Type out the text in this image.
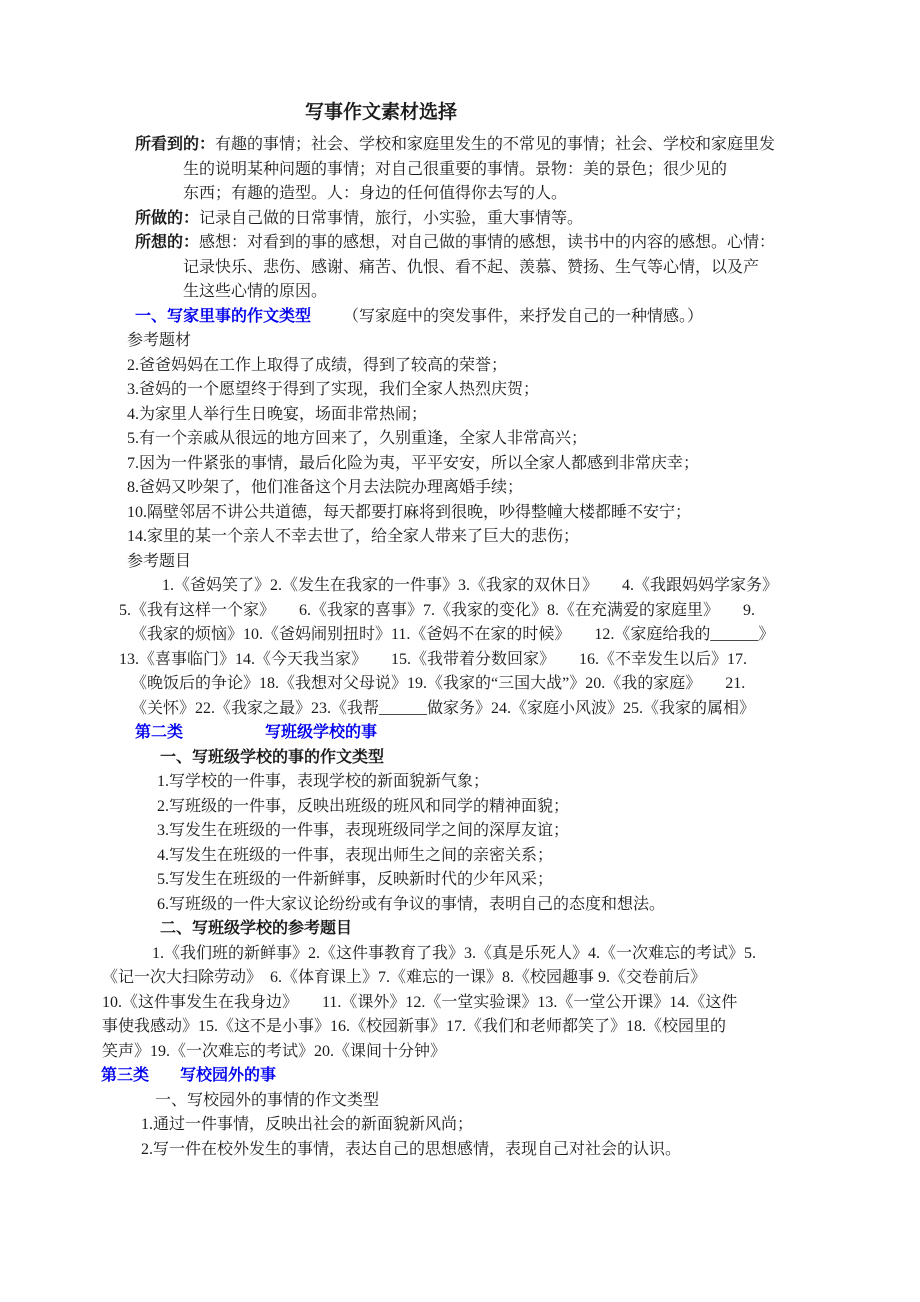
写事作文素材选择
所看到的：有趣的事情；社会、学校和家庭里发生的不常见的事情；社会、学校和家庭里发
生的说明某种问题的事情；对自己很重要的事情。景物：美的景色；很少见的
东西；有趣的造型。人：身边的任何值得你去写的人。
所做的：记录自己做的日常事情，旅行，小实验，重大事情等。
所想的：感想：对看到的事的感想，对自己做的事情的感想，读书中的内容的感想。心情：
记录快乐、悲伤、感谢、痛苦、仇恨、看不起、羡慕、赞扬、生气等心情，以及产
生这些心情的原因。
一、写家里事的作文类型 （写家庭中的突发事件，来抒发自己的一种情感。）
参考题材
2.爸爸妈妈在工作上取得了成绩，得到了较高的荣誉；
3.爸妈的一个愿望终于得到了实现，我们全家人热烈庆贺；
4.为家里人举行生日晚宴，场面非常热闹；
5.有一个亲戚从很远的地方回来了，久别重逢，全家人非常高兴；
7.因为一件紧张的事情，最后化险为夷，平平安安，所以全家人都感到非常庆幸；
8.爸妈又吵架了，他们准备这个月去法院办理离婚手续；
10.隔壁邻居不讲公共道德，每天都要打麻将到很晚，吵得整幢大楼都睡不安宁；
14.家里的某一个亲人不幸去世了，给全家人带来了巨大的悲伤；
参考题目
1.《爸妈笑了》2.《发生在我家的一件事》3.《我家的双休日》　　4.《我跟妈妈学家务》
5.《我有这样一个家》　　6.《我家的喜事》7.《我家的变化》8.《在充满爱的家庭里》　　9.
《我家的烦恼》10.《爸妈闹别扭时》11.《爸妈不在家的时候》　　12.《家庭给我的______》
13.《喜事临门》14.《今天我当家》　　15.《我带着分数回家》　　16.《不幸发生以后》17.
《晚饭后的争论》18.《我想对父母说》19.《我家的“三国大战”》20.《我的家庭》　　21.
《关怀》22.《我家之最》23.《我帮______做家务》24.《家庭小风波》25.《我家的属相》
第二类	写班级学校的事
一、写班级学校的事的作文类型
1.写学校的一件事，表现学校的新面貌新气象；
2.写班级的一件事，反映出班级的班风和同学的精神面貌；
3.写发生在班级的一件事，表现班级同学之间的深厚友谊；
4.写发生在班级的一件事，表现出师生之间的亲密关系；
5.写发生在班级的一件新鲜事，反映新时代的少年风采；
6.写班级的一件大家议论纷纷或有争议的事情，表明自己的态度和想法。
二、写班级学校的参考题目
1.《我们班的新鲜事》2.《这件事教育了我》3.《真是乐死人》4.《一次难忘的考试》5.
《记一次大扫除劳动》　6.《体育课上》7.《难忘的一课》8.《校园趣事 9.《交卷前后》
10.《这件事发生在我身边》　　11.《课外》12.《一堂实验课》13.《一堂公开课》14.《这件
事使我感动》15.《这不是小事》16.《校园新事》17.《我们和老师都笑了》18.《校园里的
笑声》19.《一次难忘的考试》20.《课间十分钟》
第三类 写校园外的事
一、写校园外的事情的作文类型
1.通过一件事情，反映出社会的新面貌新风尚；
2.写一件在校外发生的事情，表达自己的思想感情，表现自己对社会的认识。
